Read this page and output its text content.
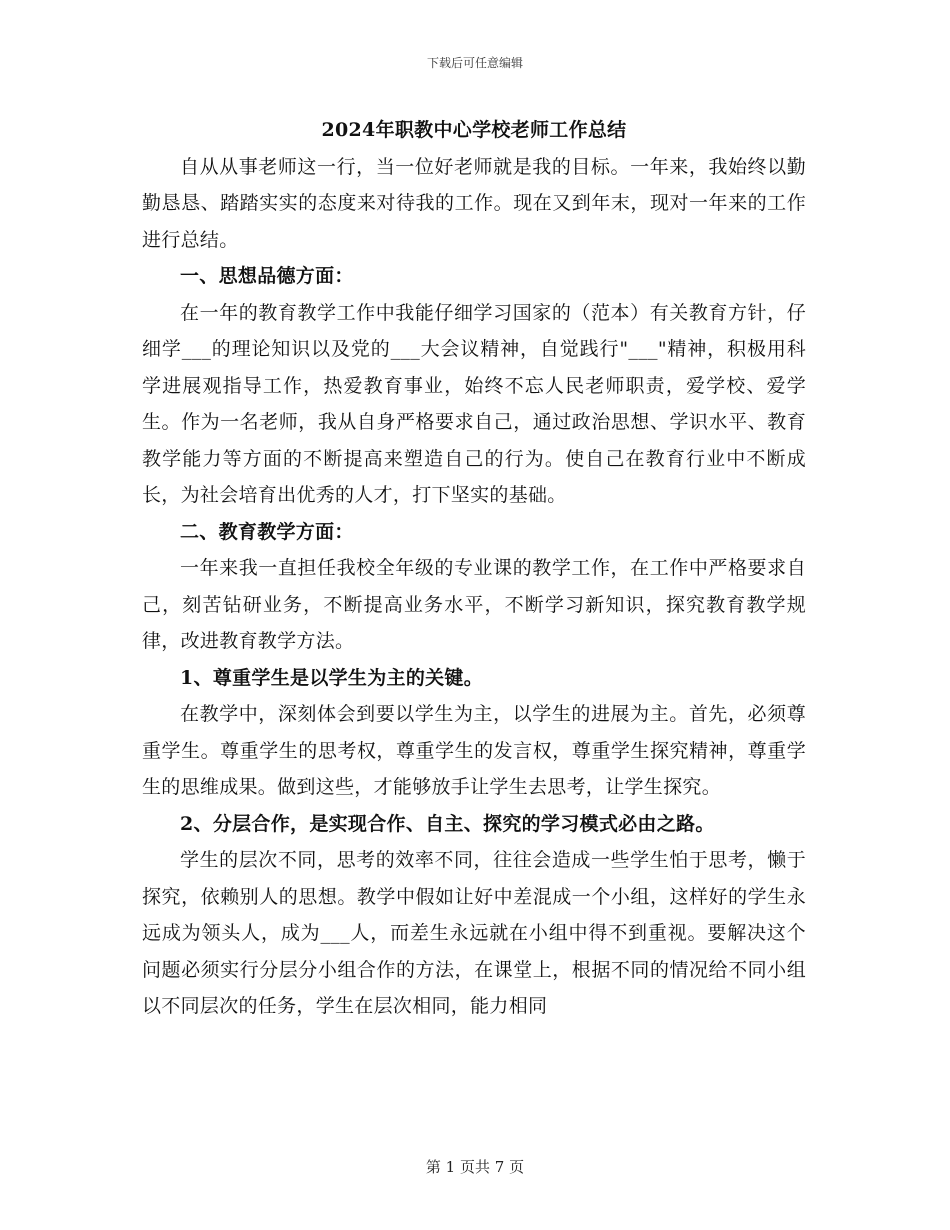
下载后可任意编辑

2024年职教中心学校老师工作总结

自从从事老师这一行，当一位好老师就是我的目标。一年来，我始终以勤勤恳恳、踏踏实实的态度来对待我的工作。现在又到年末，现对一年来的工作进行总结。

一、思想品德方面：

在一年的教育教学工作中我能仔细学习国家的（范本）有关教育方针，仔细学___的理论知识以及党的___大会议精神，自觉践行"___"精神，积极用科学进展观指导工作，热爱教育事业，始终不忘人民老师职责，爱学校、爱学生。作为一名老师，我从自身严格要求自己，通过政治思想、学识水平、教育教学能力等方面的不断提高来塑造自己的行为。使自己在教育行业中不断成长，为社会培育出优秀的人才，打下坚实的基础。

二、教育教学方面：

一年来我一直担任我校全年级的专业课的教学工作，在工作中严格要求自己，刻苦钻研业务，不断提高业务水平，不断学习新知识，探究教育教学规律，改进教育教学方法。

1、尊重学生是以学生为主的关键。

在教学中，深刻体会到要以学生为主，以学生的进展为主。首先，必须尊重学生。尊重学生的思考权，尊重学生的发言权，尊重学生探究精神，尊重学生的思维成果。做到这些，才能够放手让学生去思考，让学生探究。

2、分层合作，是实现合作、自主、探究的学习模式必由之路。

学生的层次不同，思考的效率不同，往往会造成一些学生怕于思考，懒于探究，依赖别人的思想。教学中假如让好中差混成一个小组，这样好的学生永远成为领头人，成为___人，而差生永远就在小组中得不到重视。要解决这个问题必须实行分层分小组合作的方法，在课堂上，根据不同的情况给不同小组以不同层次的任务，学生在层次相同，能力相同

第 1 页共 7 页
